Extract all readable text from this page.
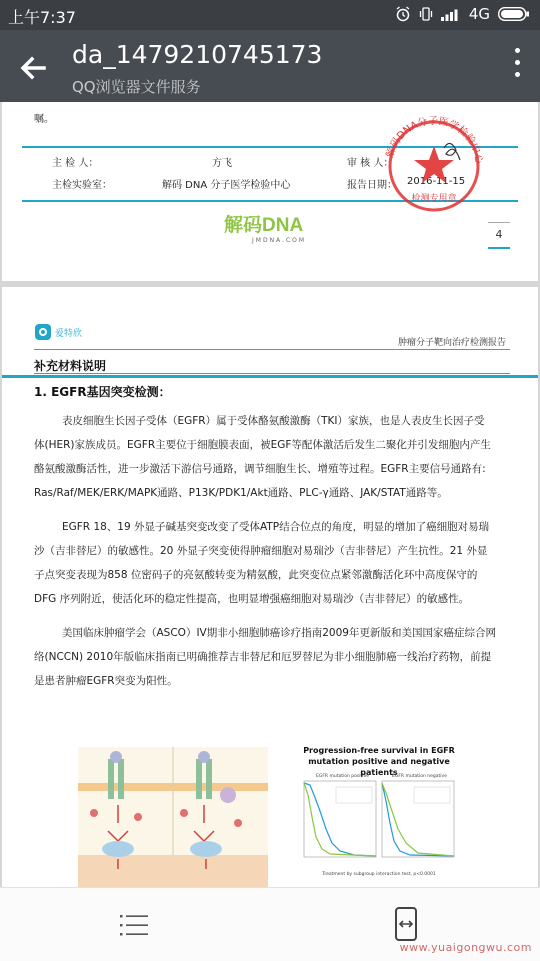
上午7:37	4G
da_1479210745173
QQ浏览器文件服务
嘱。
主 检 人：	方飞	审 核 人：
主检实验室：	解码 DNA 分子医学检验中心	报告日期： 2016-11-15
解码DNA分子医学检验中心
检测专用章
解码DNA
JMDNA.COM	4
爱特欣
肿瘤分子靶向治疗检测报告
补充材料说明
1. EGFR基因突变检测：
表皮细胞生长因子受体（EGFR）属于受体酪氨酸激酶（TKI）家族，也是人表皮生长因子受
体(HER)家族成员。EGFR主要位于细胞膜表面，被EGF等配体激活后发生二聚化并引发细胞内产生
酪氨酸激酶活性，进一步激活下游信号通路，调节细胞生长、增殖等过程。EGFR主要信号通路有:
Ras/Raf/MEK/ERK/MAPK通路、P13K/PDK1/Akt通路、PLC-γ通路、JAK/STAT通路等。
EGFR 18、19 外显子碱基突变改变了受体ATP结合位点的角度，明显的增加了癌细胞对易瑞
沙（吉非替尼）的敏感性。20 外显子突变使得肿瘤细胞对易瑞沙（吉非替尼）产生抗性。21 外显
子点突变表现为858 位密码子的亮氨酸转变为精氨酸，此突变位点紧邻激酶活化环中高度保守的
DFG 序列附近，使活化环的稳定性提高，也明显增强癌细胞对易瑞沙（吉非替尼）的敏感性。
美国临床肿瘤学会（ASCO）IV期非小细胞肺癌诊疗指南2009年更新版和美国国家癌症综合网
络(NCCN) 2010年版临床指南已明确推荐吉非替尼和厄罗替尼为非小细胞肺癌一线治疗药物，前提
是患者肿瘤EGFR突变为阳性。
Progression-free survival in EGFR mutation positive and negative patients
EGFR mutation positive	EGFR mutation negative
Treatment by subgroup interaction test, p<0.0001
www.yuaigongwu.com
